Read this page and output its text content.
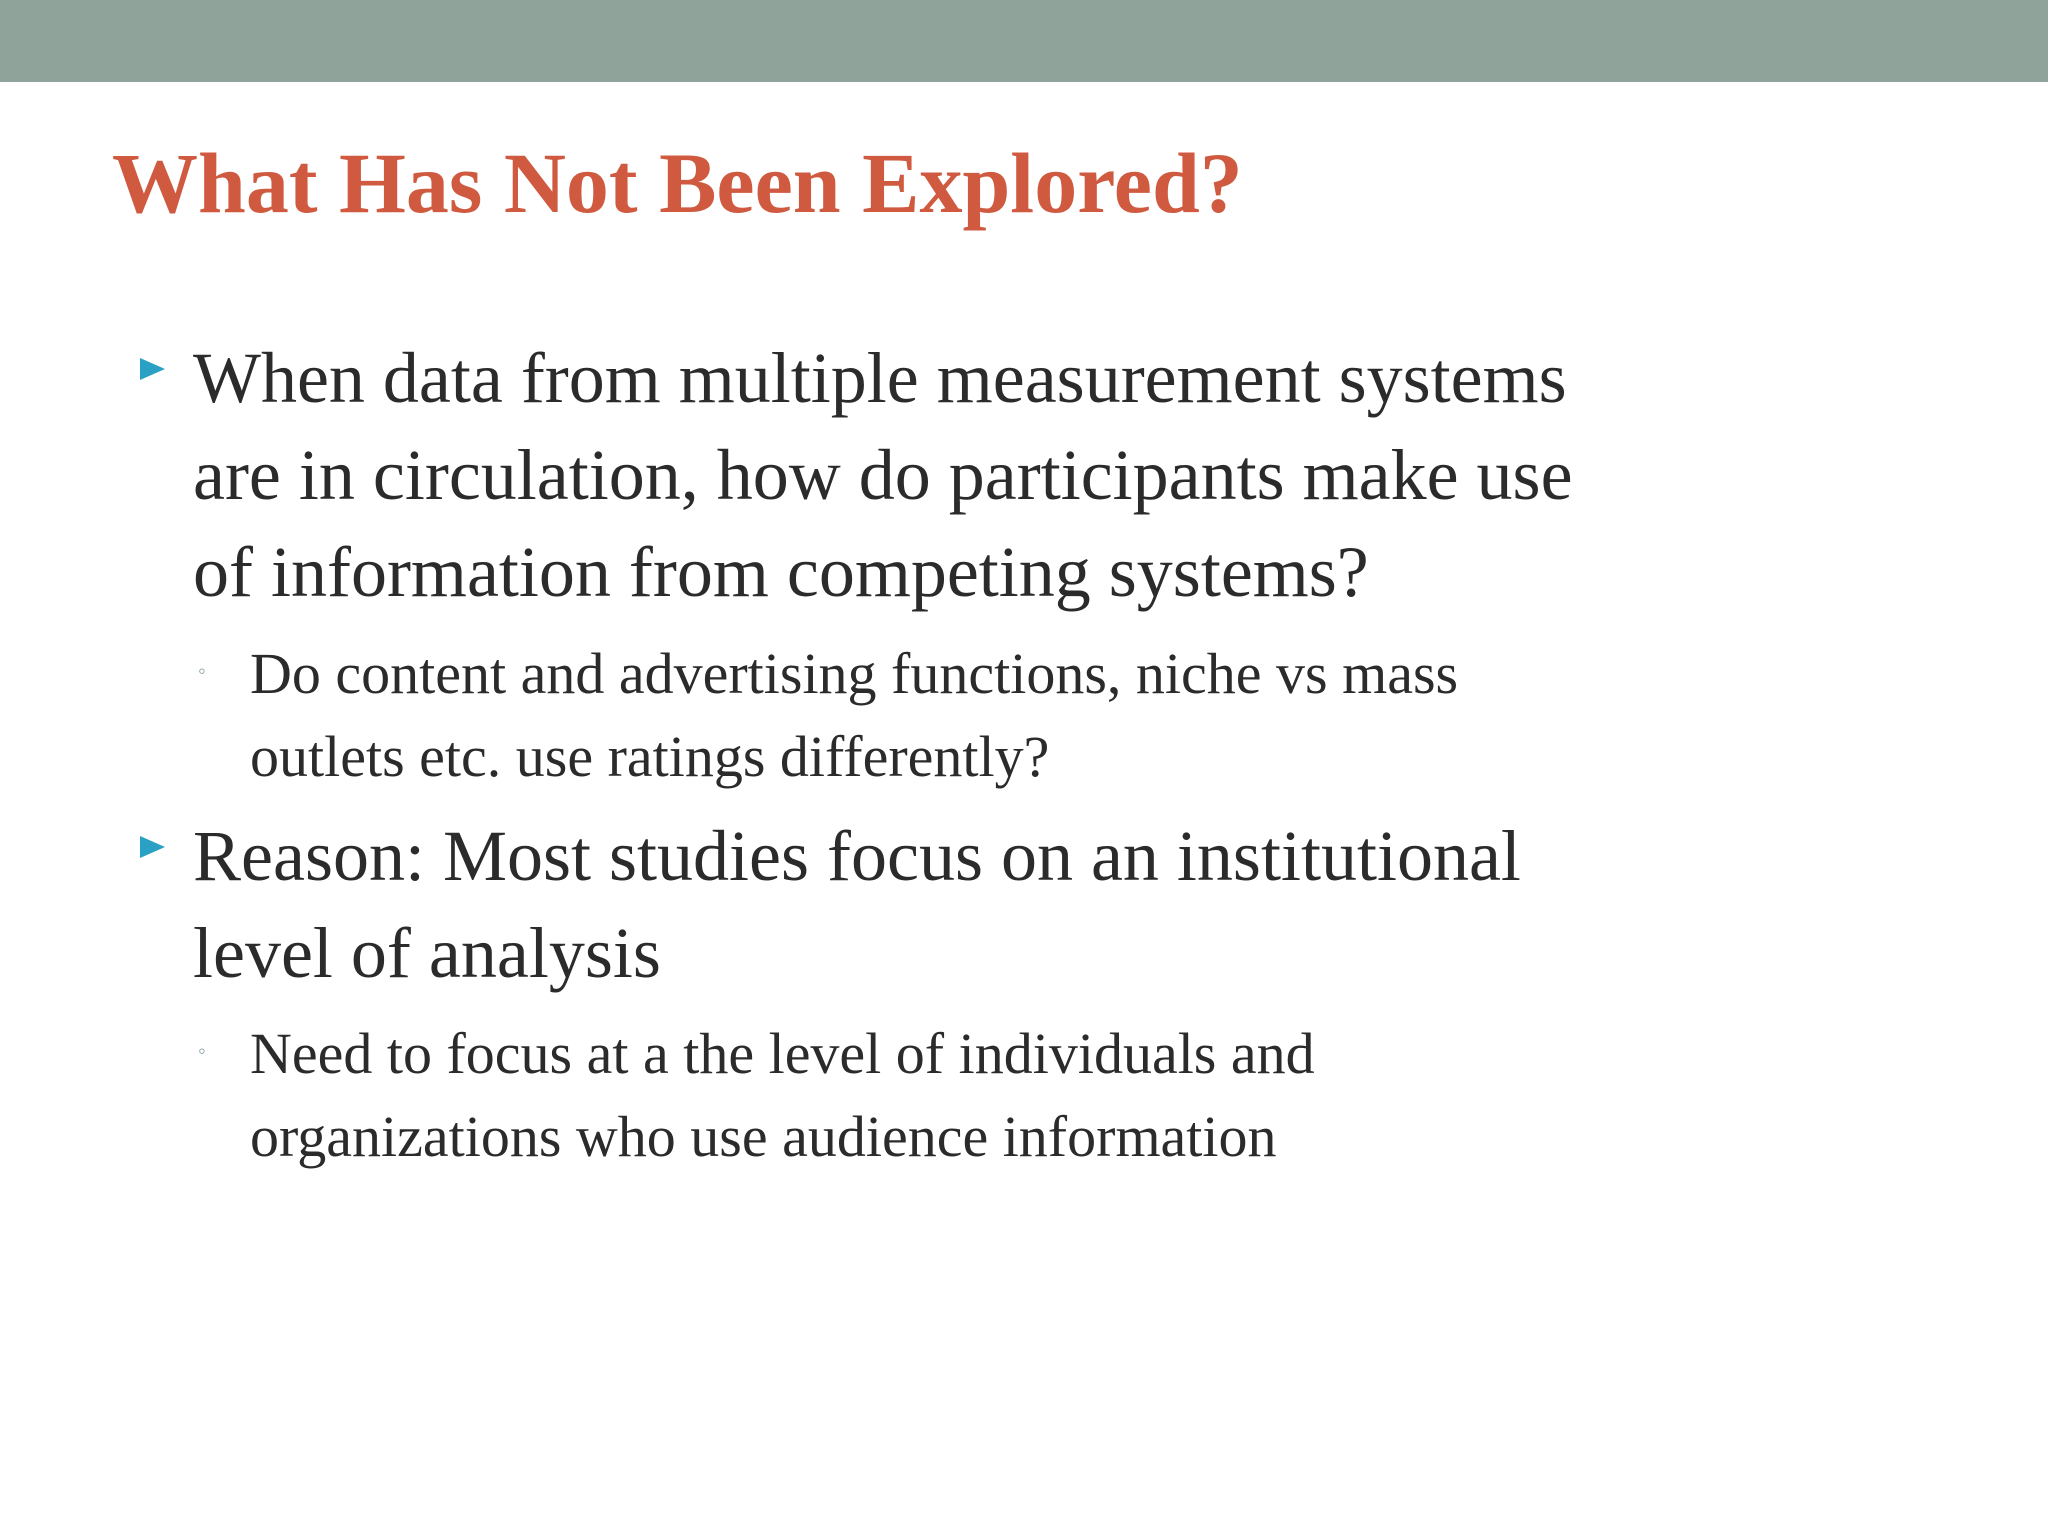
What Has Not Been Explored?
When data from multiple measurement systems
are in circulation, how do participants make use
of information from competing systems?
◦ Do content and advertising functions, niche vs mass
outlets etc. use ratings differently?
Reason: Most studies focus on an institutional
level of analysis
◦ Need to focus at a the level of individuals and
organizations who use audience information
